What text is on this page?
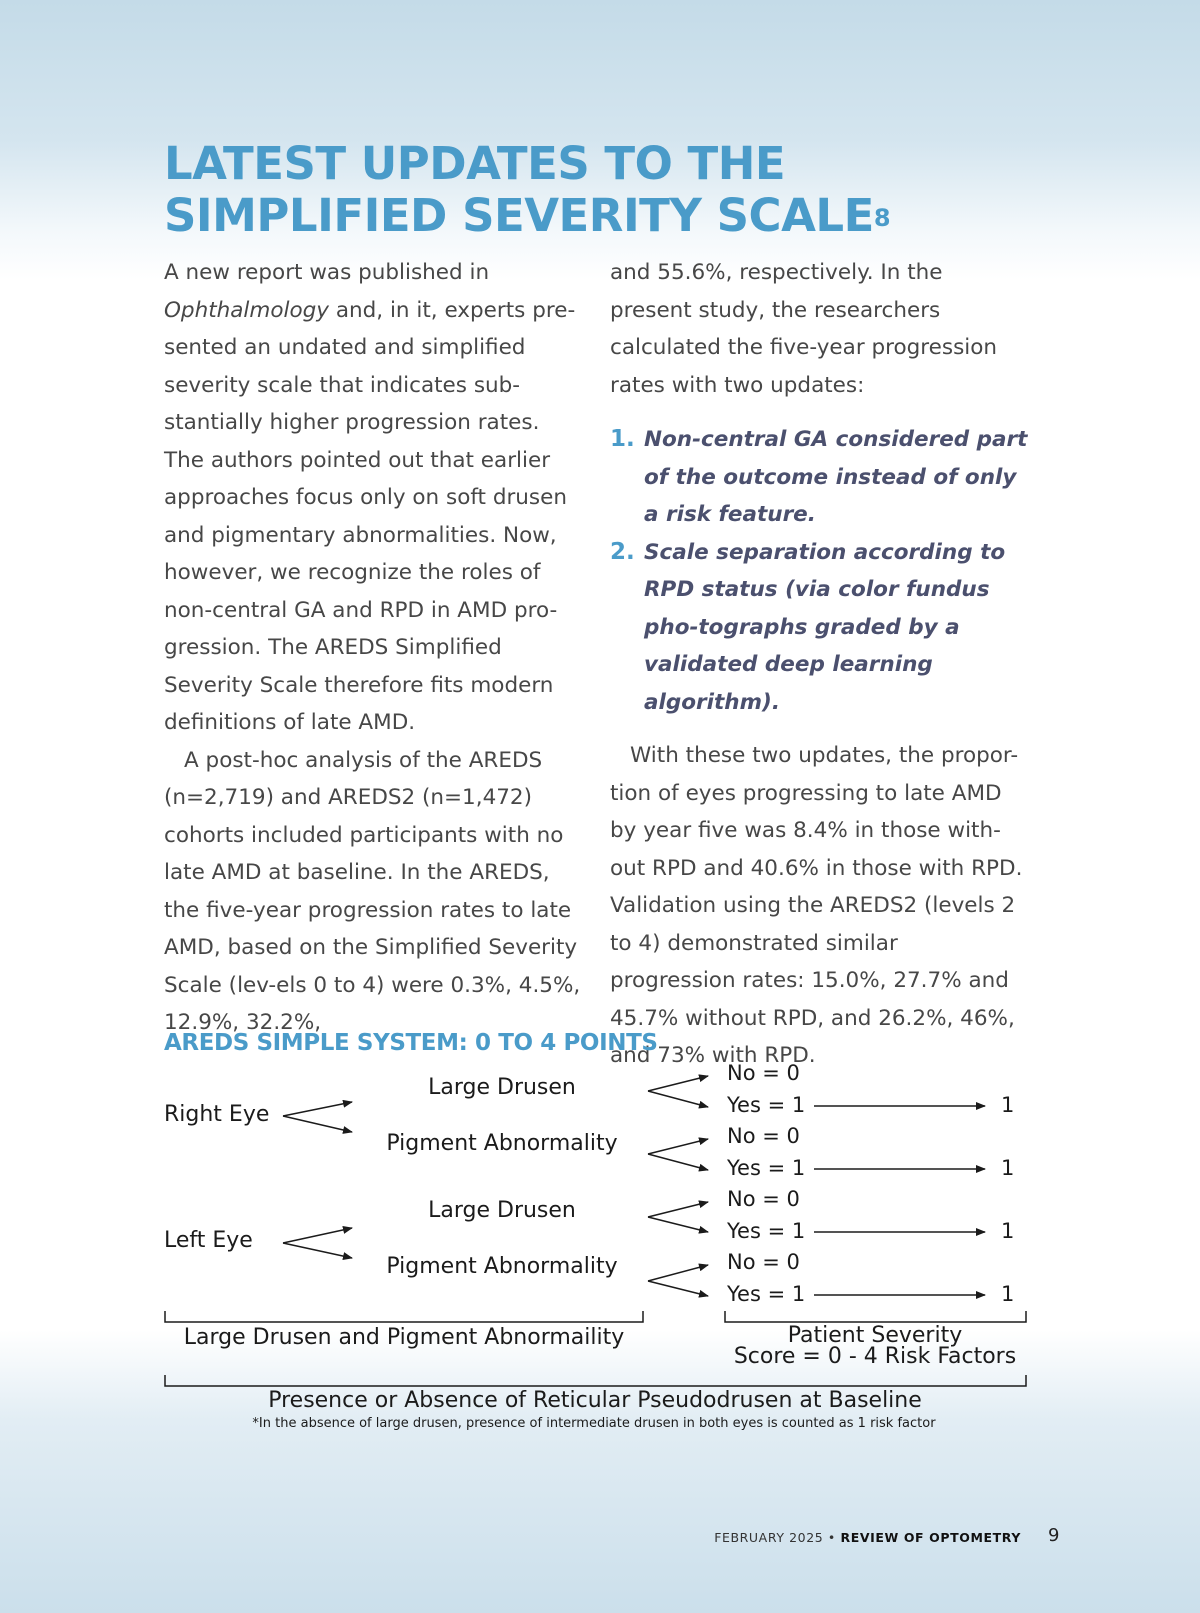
LATEST UPDATES TO THE SIMPLIFIED SEVERITY SCALE$^8$

A new report was published in Ophthalmology and, in it, experts pre-sented an undated and simplified severity scale that indicates sub-stantially higher progression rates. The authors pointed out that earlier approaches focus only on soft drusen and pigmentary abnormalities. Now, however, we recognize the roles of non-central GA and RPD in AMD pro-gression. The AREDS Simplified Severity Scale therefore fits modern definitions of late AMD.

A post-hoc analysis of the AREDS (n=2,719) and AREDS2 (n=1,472) cohorts included participants with no late AMD at baseline. In the AREDS, the five-year progression rates to late AMD, based on the Simplified Severity Scale (lev-els 0 to 4) were 0.3%, 4.5%, 12.9%, 32.2%,

and 55.6%, respectively. In the present study, the researchers calculated the five-year progression rates with two updates:

1. Non-central GA considered part of the outcome instead of only a risk feature.
2. Scale separation according to RPD status (via color fundus pho-tographs graded by a validated deep learning algorithm).

With these two updates, the propor-tion of eyes progressing to late AMD by year five was 8.4% in those with-out RPD and 40.6% in those with RPD. Validation using the AREDS2 (levels 2 to 4) demonstrated similar progression rates: 15.0%, 27.7% and 45.7% without RPD, and 26.2%, 46%, and 73% with RPD.

AREDS SIMPLE SYSTEM: 0 TO 4 POINTS
Right Eye
Left Eye
Large Drusen
Pigment Abnormality
Large Drusen
Pigment Abnormality
No = 0
Yes = 1
No = 0
Yes = 1
No = 0
Yes = 1
No = 0
Yes = 1
1
1
1
1
Large Drusen and Pigment Abnormaility	Patient Severity
Score = 0 - 4 Risk Factors
Presence or Absence of Reticular Pseudodrusen at Baseline
*In the absence of large drusen, presence of intermediate drusen in both eyes is counted as 1 risk factor
FEBRUARY 2025 • REVIEW OF OPTOMETRY 9
